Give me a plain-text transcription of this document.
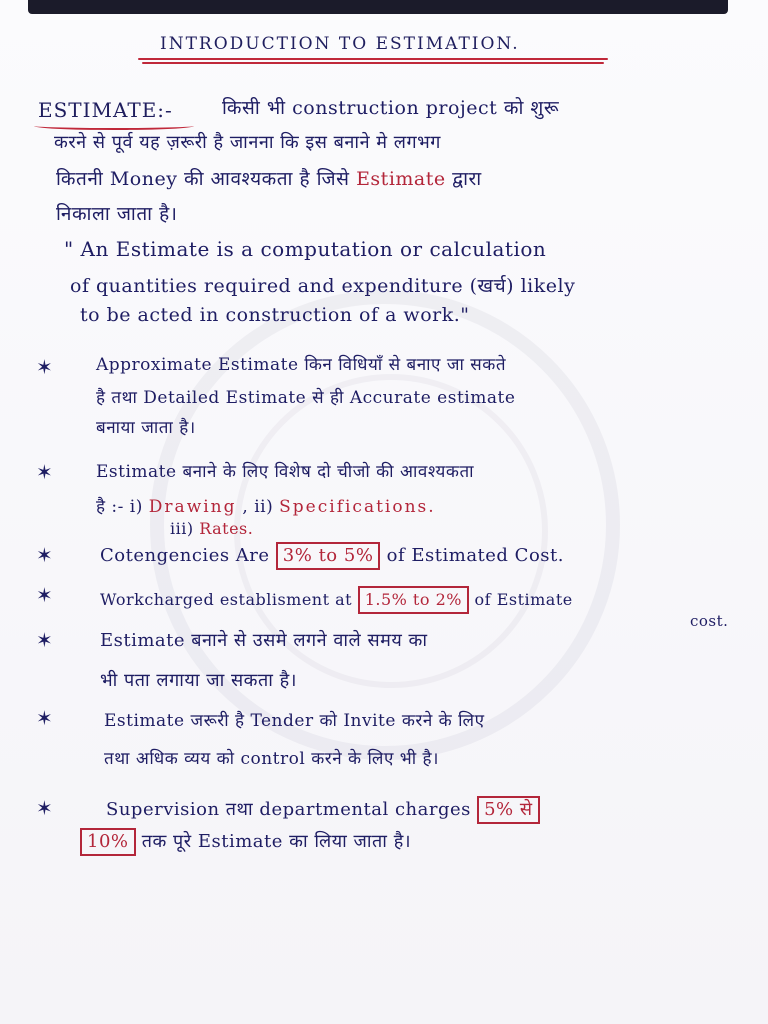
INTRODUCTION TO ESTIMATION.
ESTIMATE:-	किसी भी construction project को शुरू
करने से पूर्व यह ज़रूरी है जानना कि इस बनाने मे लगभग
कितनी Money की आवश्यकता है जिसे Estimate द्वारा
निकाला जाता है।
" An Estimate is a computation or calculation
of quantities required and expenditure (खर्च) likely
to be acted in construction of a work."
✶	Approximate Estimate किन विधियाँ से बनाए जा सकते
है तथा Detailed Estimate से ही Accurate estimate
बनाया जाता है।
✶	Estimate बनाने के लिए विशेष दो चीजो की आवश्यकता
है :- i) Drawing , ii) Specifications.
iii) Rates.
✶	Cotengencies Are 3% to 5% of Estimated Cost.
✶	Workcharged establisment at 1.5% to 2% of Estimate
cost.
✶	Estimate बनाने से उसमे लगने वाले समय का
भी पता लगाया जा सकता है।
✶	Estimate जरूरी है Tender को Invite करने के लिए
तथा अधिक व्यय को control करने के लिए भी है।
✶	Supervision तथा departmental charges 5% से
10% तक पूरे Estimate का लिया जाता है।
